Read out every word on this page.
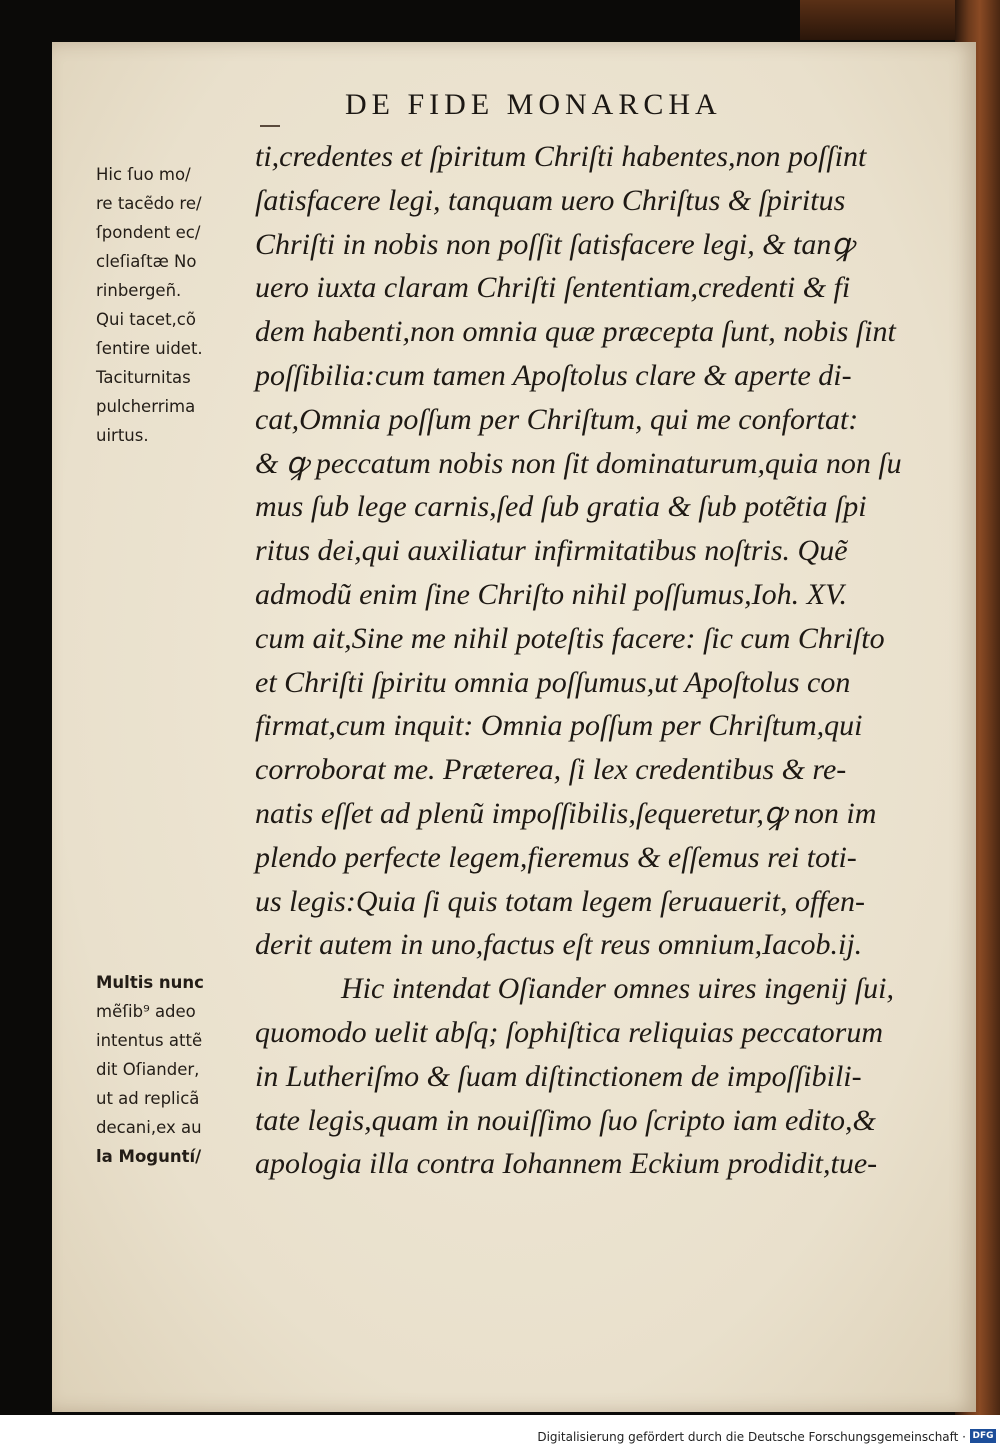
DE FIDE MONARCHA
Hic ſuo mo/
re tacẽdo re/
ſpondent ec/
cleſiaſtæ No
rinbergeñ.
Qui tacet,cõ
ſentire uidet.
Taciturnitas
pulcherrima
uirtus.
Multis nunc
mẽſib⁹ adeo
intentus attẽ
dit Oſiander,
ut ad replicã
decani,ex au
la Moguntí/
ti,credentes et ſpiritum Chriſti habentes,non poſſint
ſatisfacere legi, tanquam uero Chriſtus & ſpiritus
Chriſti in nobis non poſſit ſatisfacere legi, & tanꝙ
uero iuxta claram Chriſti ſententiam,credenti & fi
dem habenti,non omnia quæ præcepta ſunt, nobis ſint
poſſibilia:cum tamen Apoſtolus clare & aperte di-
cat,Omnia poſſum per Chriſtum, qui me confortat:
& ꝙ peccatum nobis non ſit dominaturum,quia non ſu
mus ſub lege carnis,ſed ſub gratia & ſub potẽtia ſpi
ritus dei,qui auxiliatur infirmitatibus noſtris. Quẽ
admodũ enim ſine Chriſto nihil poſſumus,Ioh. XV.
cum ait,Sine me nihil poteſtis facere: ſic cum Chriſto
et Chriſti ſpiritu omnia poſſumus,ut Apoſtolus con
firmat,cum inquit: Omnia poſſum per Chriſtum,qui
corroborat me. Præterea, ſi lex credentibus & re-
natis eſſet ad plenũ impoſſibilis,ſequeretur,ꝙ non im
plendo perfecte legem,fieremus & eſſemus rei toti-
us legis:Quia ſi quis totam legem ſeruauerit, offen-
derit autem in uno,factus eſt reus omnium,Iacob.ij.
Hic intendat Oſiander omnes uires ingenij ſui,
quomodo uelit abſq; ſophiſtica reliquias peccatorum
in Lutheriſmo & ſuam diſtinctionem de impoſſibili-
tate legis,quam in nouiſſimo ſuo ſcripto iam edito,&
apologia illa contra Iohannem Eckium prodidit,tue-
Digitalisierung gefördert durch die Deutsche Forschungsgemeinschaft · DFG
